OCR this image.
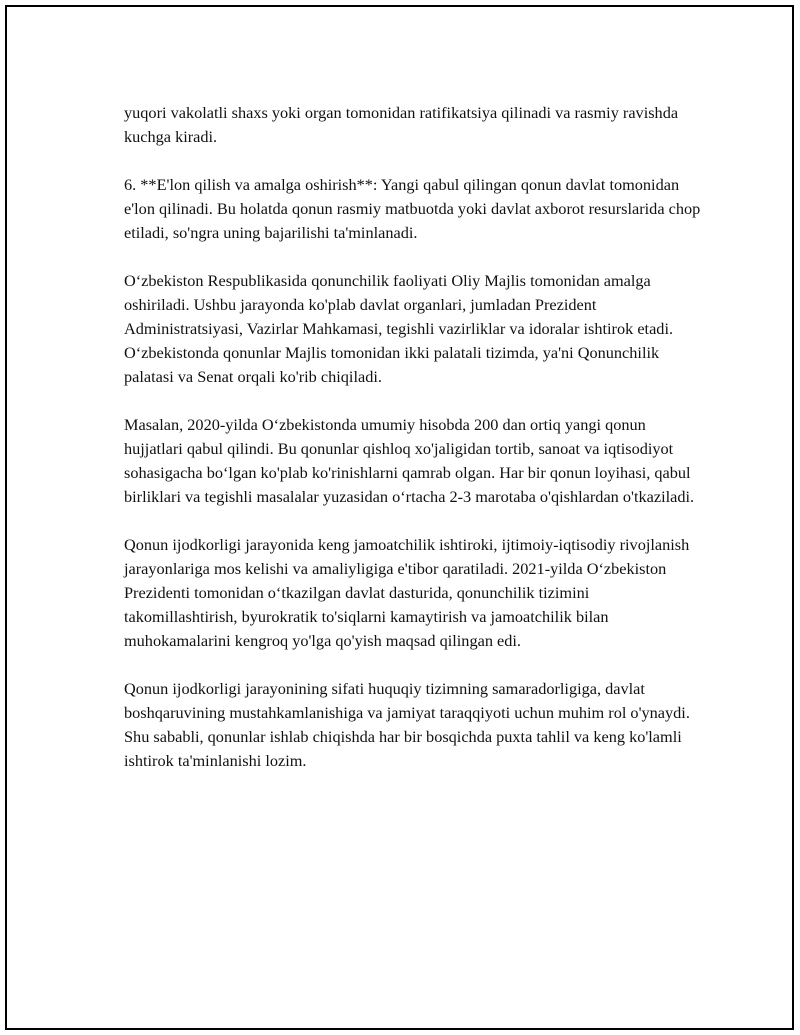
yuqori vakolatli shaxs yoki organ tomonidan ratifikatsiya qilinadi va rasmiy ravishda kuchga kiradi.

6. **E'lon qilish va amalga oshirish**: Yangi qabul qilingan qonun davlat tomonidan e'lon qilinadi. Bu holatda qonun rasmiy matbuotda yoki davlat axborot resurslarida chop etiladi, so'ngra uning bajarilishi ta'minlanadi.

O‘zbekiston Respublikasida qonunchilik faoliyati Oliy Majlis tomonidan amalga oshiriladi. Ushbu jarayonda ko'plab davlat organlari, jumladan Prezident Administratsiyasi, Vazirlar Mahkamasi, tegishli vazirliklar va idoralar ishtirok etadi. O‘zbekistonda qonunlar Majlis tomonidan ikki palatali tizimda, ya'ni Qonunchilik palatasi va Senat orqali ko'rib chiqiladi.

Masalan, 2020-yilda O‘zbekistonda umumiy hisobda 200 dan ortiq yangi qonun hujjatlari qabul qilindi. Bu qonunlar qishloq xo'jaligidan tortib, sanoat va iqtisodiyot sohasigacha bo‘lgan ko'plab ko'rinishlarni qamrab olgan. Har bir qonun loyihasi, qabul birliklari va tegishli masalalar yuzasidan o‘rtacha 2-3 marotaba o'qishlardan o'tkaziladi.

Qonun ijodkorligi jarayonida keng jamoatchilik ishtiroki, ijtimoiy-iqtisodiy rivojlanish jarayonlariga mos kelishi va amaliyligiga e'tibor qaratiladi. 2021-yilda O‘zbekiston Prezidenti tomonidan o‘tkazilgan davlat dasturida, qonunchilik tizimini takomillashtirish, byurokratik to'siqlarni kamaytirish va jamoatchilik bilan muhokamalarini kengroq yo'lga qo'yish maqsad qilingan edi.

Qonun ijodkorligi jarayonining sifati huquqiy tizimning samaradorligiga, davlat boshqaruvining mustahkamlanishiga va jamiyat taraqqiyoti uchun muhim rol o'ynaydi. Shu sababli, qonunlar ishlab chiqishda har bir bosqichda puxta tahlil va keng ko'lamli ishtirok ta'minlanishi lozim.
